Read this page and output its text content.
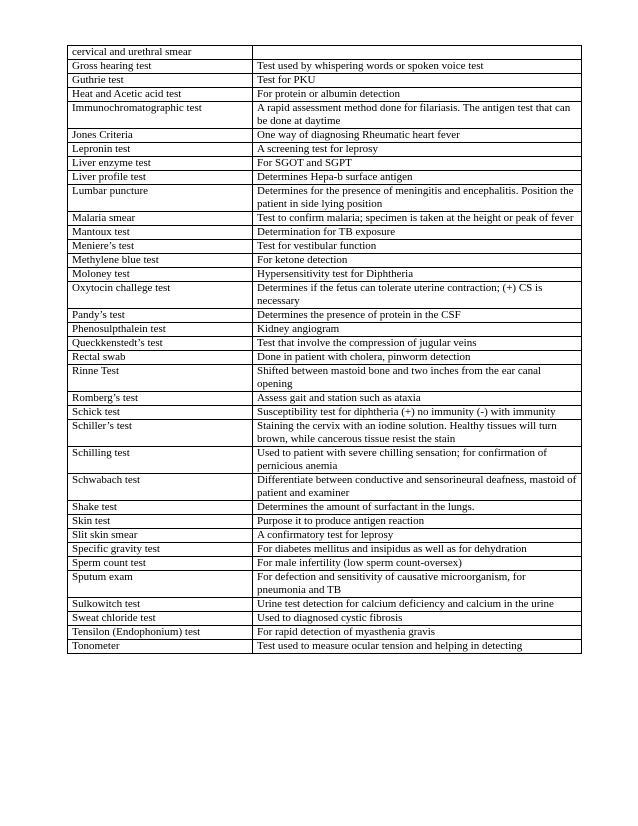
cervical and urethral smear	
Gross hearing test	Test used by whispering words or spoken voice test
Guthrie test	Test for PKU
Heat and Acetic acid test	For protein or albumin detection
Immunochromatographic test	A rapid assessment method done for filariasis. The antigen test that can be done at daytime
Jones Criteria	One way of diagnosing Rheumatic heart fever
Lepronin test	A screening test for leprosy
Liver enzyme test	For SGOT and SGPT
Liver profile test	Determines Hepa-b surface antigen
Lumbar puncture	Determines for the presence of meningitis and encephalitis. Position the patient in side lying position
Malaria smear	Test to confirm malaria; specimen is taken at the height or peak of fever
Mantoux test	Determination for TB exposure
Meniere’s test	Test for vestibular function
Methylene blue test	For ketone detection
Moloney test	Hypersensitivity test for Diphtheria
Oxytocin challege test	Determines if the fetus can tolerate uterine contraction; (+) CS is necessary
Pandy’s test	Determines the presence of protein in the CSF
Phenosulpthalein test	Kidney angiogram
Queckkenstedt’s test	Test that involve the compression of jugular veins
Rectal swab	Done in patient with cholera, pinworm detection
Rinne Test	Shifted between mastoid bone and two inches from the ear canal opening
Romberg’s test	Assess gait and station such as ataxia
Schick test	Susceptibility test for diphtheria (+) no immunity (-) with immunity
Schiller’s test	Staining the cervix with an iodine solution. Healthy tissues will turn brown, while cancerous tissue resist the stain
Schilling test	Used to patient with severe chilling sensation; for confirmation of pernicious anemia
Schwabach test	Differentiate between conductive and sensorineural deafness, mastoid of patient and examiner
Shake test	Determines the amount of surfactant in the lungs.
Skin test	Purpose it to produce antigen reaction
Slit skin smear	A confirmatory test for leprosy
Specific gravity test	For diabetes mellitus and insipidus as well as for dehydration
Sperm count test	For male infertility (low sperm count-oversex)
Sputum exam	For defection and sensitivity of causative microorganism, for pneumonia and TB
Sulkowitch test	Urine test detection for calcium deficiency and calcium in the urine
Sweat chloride test	Used to diagnosed cystic fibrosis
Tensilon (Endophonium) test	For rapid detection of myasthenia gravis
Tonometer	Test used to measure ocular tension and helping in detecting
